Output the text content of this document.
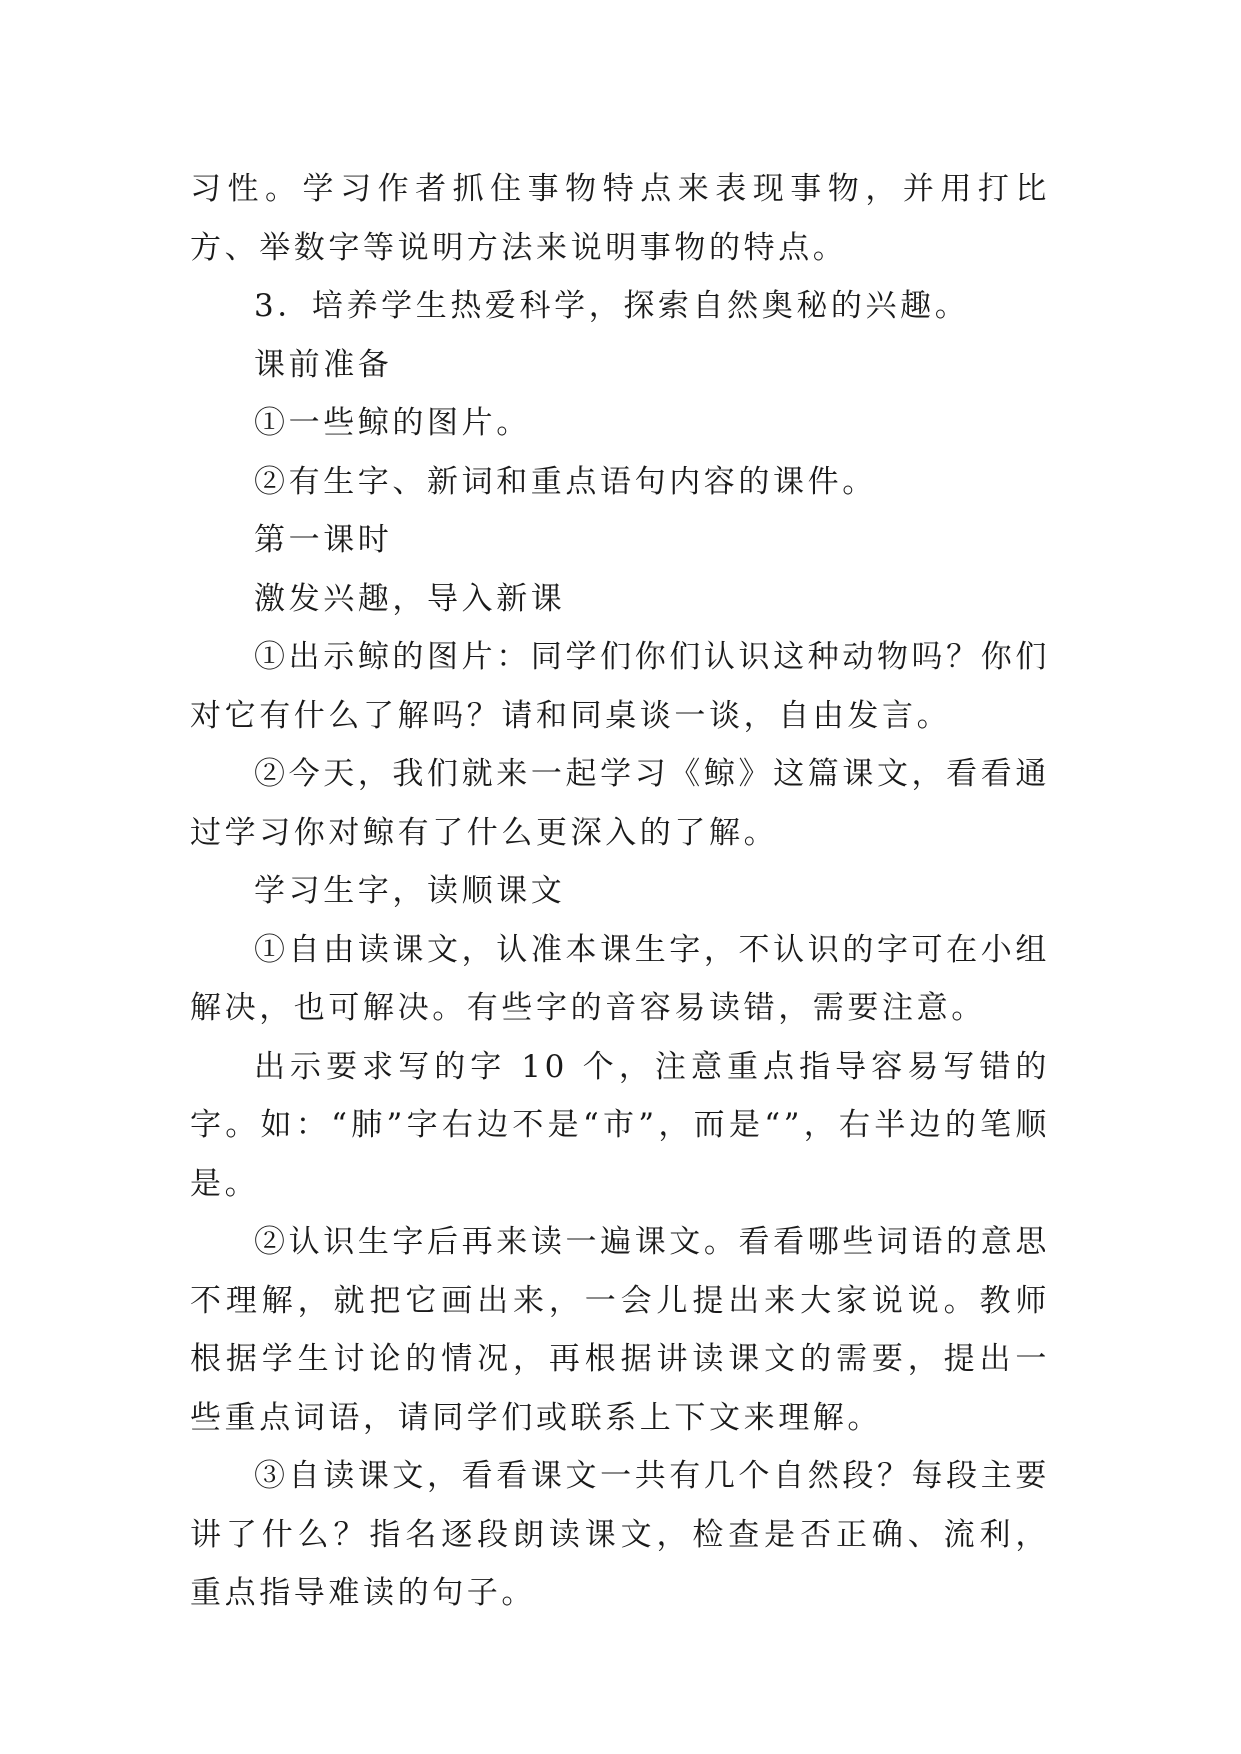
习性。学习作者抓住事物特点来表现事物，并用打比方、举数字等说明方法来说明事物的特点。

3．培养学生热爱科学，探索自然奥秘的兴趣。

课前准备

①一些鲸的图片。

②有生字、新词和重点语句内容的课件。

第一课时

激发兴趣，导入新课

①出示鲸的图片：同学们你们认识这种动物吗？你们对它有什么了解吗？请和同桌谈一谈，自由发言。

②今天，我们就来一起学习《鲸》这篇课文，看看通过学习你对鲸有了什么更深入的了解。

学习生字，读顺课文

①自由读课文，认准本课生字，不认识的字可在小组解决，也可解决。有些字的音容易读错，需要注意。

出示要求写的字 10 个，注意重点指导容易写错的字。如：“肺”字右边不是“市”，而是“”，右半边的笔顺是。

②认识生字后再来读一遍课文。看看哪些词语的意思不理解，就把它画出来，一会儿提出来大家说说。教师根据学生讨论的情况，再根据讲读课文的需要，提出一些重点词语，请同学们或联系上下文来理解。

③自读课文，看看课文一共有几个自然段？每段主要讲了什么？指名逐段朗读课文，检查是否正确、流利，重点指导难读的句子。
